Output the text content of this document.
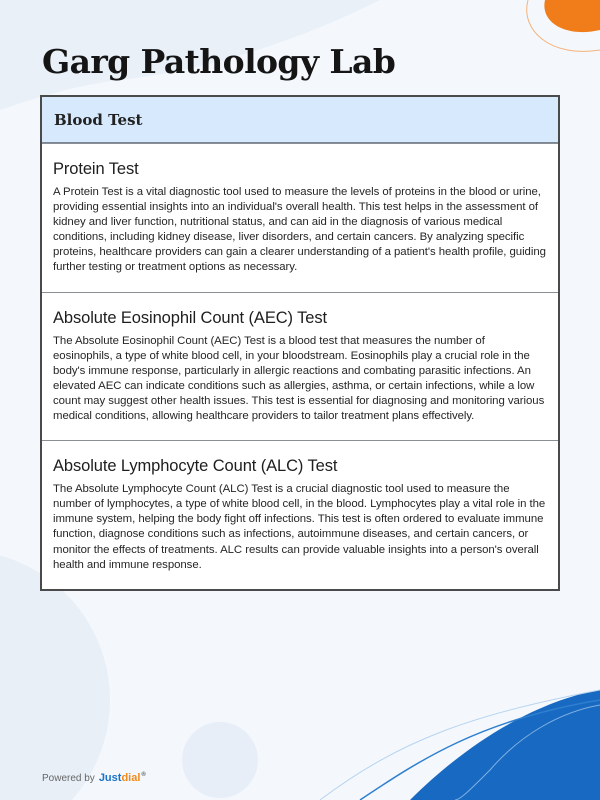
Garg Pathology Lab
Blood Test
Protein Test
A Protein Test is a vital diagnostic tool used to measure the levels of proteins in the blood or urine, providing essential insights into an individual's overall health. This test helps in the assessment of kidney and liver function, nutritional status, and can aid in the diagnosis of various medical conditions, including kidney disease, liver disorders, and certain cancers. By analyzing specific proteins, healthcare providers can gain a clearer understanding of a patient's health profile, guiding further testing or treatment options as necessary.
Absolute Eosinophil Count (AEC) Test
The Absolute Eosinophil Count (AEC) Test is a blood test that measures the number of eosinophils, a type of white blood cell, in your bloodstream. Eosinophils play a crucial role in the body's immune response, particularly in allergic reactions and combating parasitic infections. An elevated AEC can indicate conditions such as allergies, asthma, or certain infections, while a low count may suggest other health issues. This test is essential for diagnosing and monitoring various medical conditions, allowing healthcare providers to tailor treatment plans effectively.
Absolute Lymphocyte Count (ALC) Test
The Absolute Lymphocyte Count (ALC) Test is a crucial diagnostic tool used to measure the number of lymphocytes, a type of white blood cell, in the blood. Lymphocytes play a vital role in the immune system, helping the body fight off infections. This test is often ordered to evaluate immune function, diagnose conditions such as infections, autoimmune diseases, and certain cancers, or monitor the effects of treatments. ALC results can provide valuable insights into a person's overall health and immune response.
Powered by Justdial®
